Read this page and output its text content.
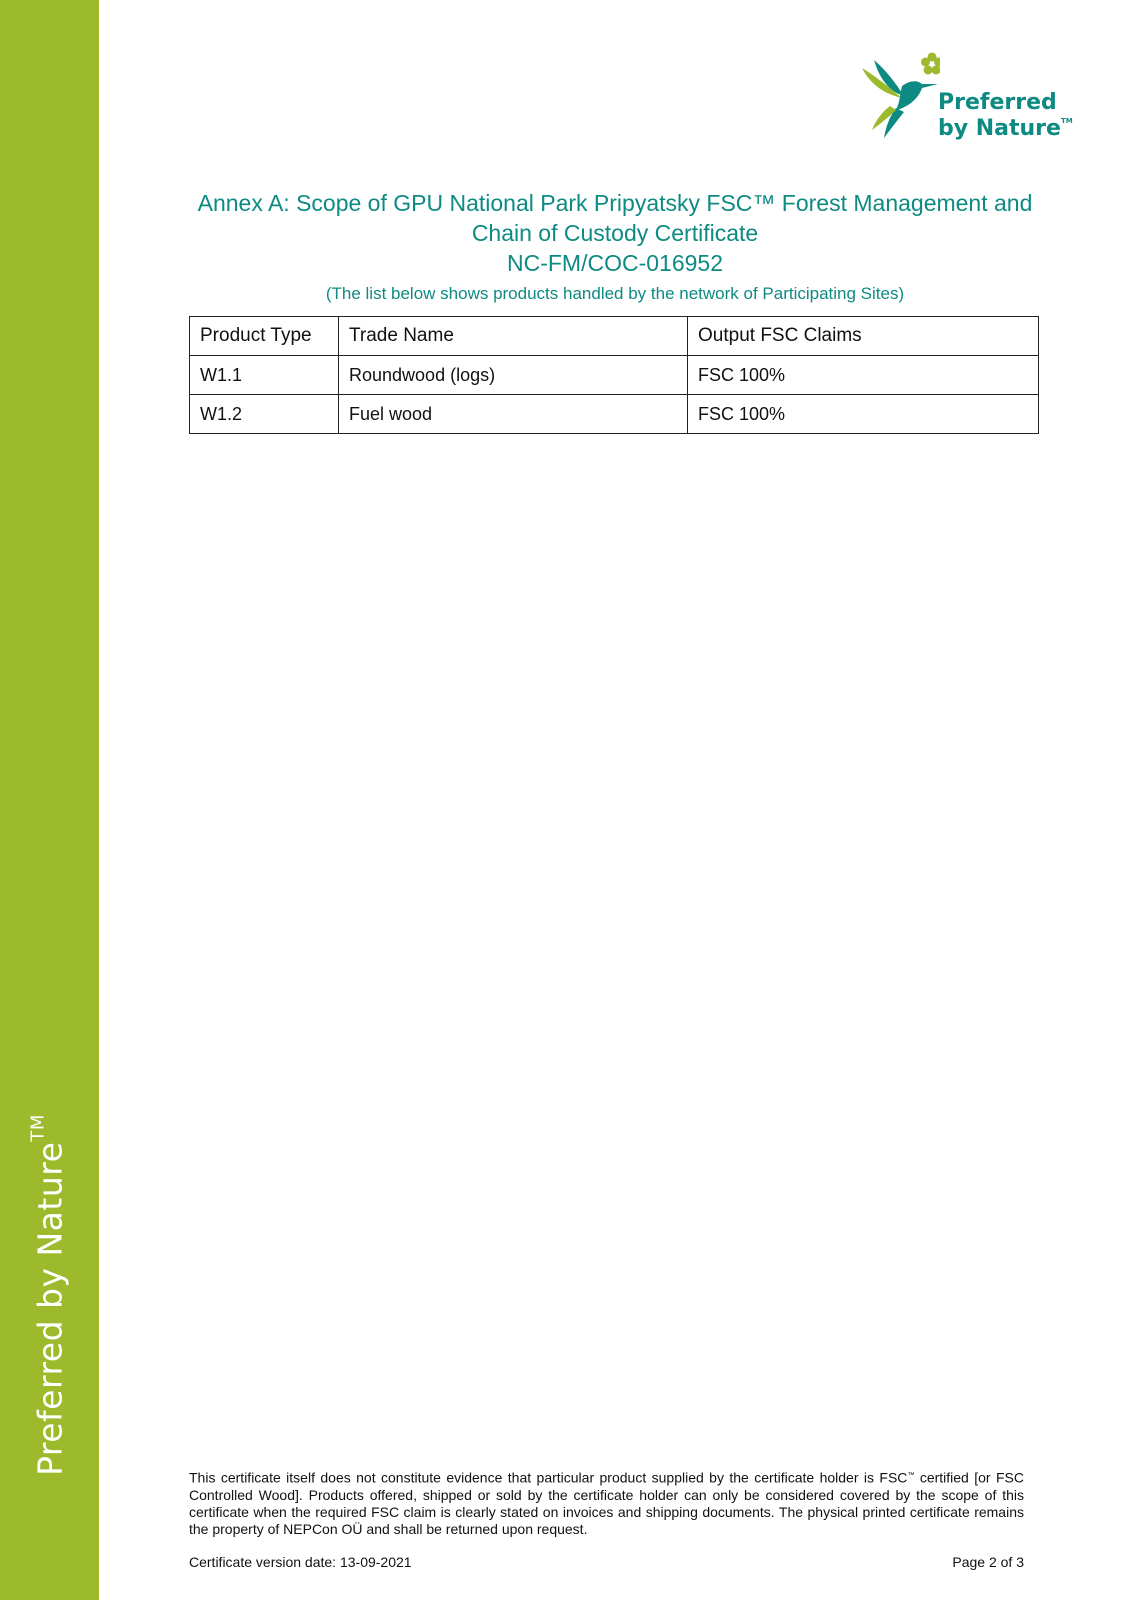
Preferred by Nature™
Preferred
by Nature™
Annex A: Scope of GPU National Park Pripyatsky FSC™ Forest Management and Chain of Custody Certificate
NC-FM/COC-016952
(The list below shows products handled by the network of Participating Sites)
Product Type	Trade Name	Output FSC Claims
W1.1	Roundwood (logs)	FSC 100%
W1.2	Fuel wood	FSC 100%
This certificate itself does not constitute evidence that particular product supplied by the certificate holder is FSC™ certified [or FSC Controlled Wood]. Products offered, shipped or sold by the certificate holder can only be considered covered by the scope of this certificate when the required FSC claim is clearly stated on invoices and shipping documents. The physical printed certificate remains the property of NEPCon OÜ and shall be returned upon request.
Certificate version date: 13-09-2021	Page 2 of 3
